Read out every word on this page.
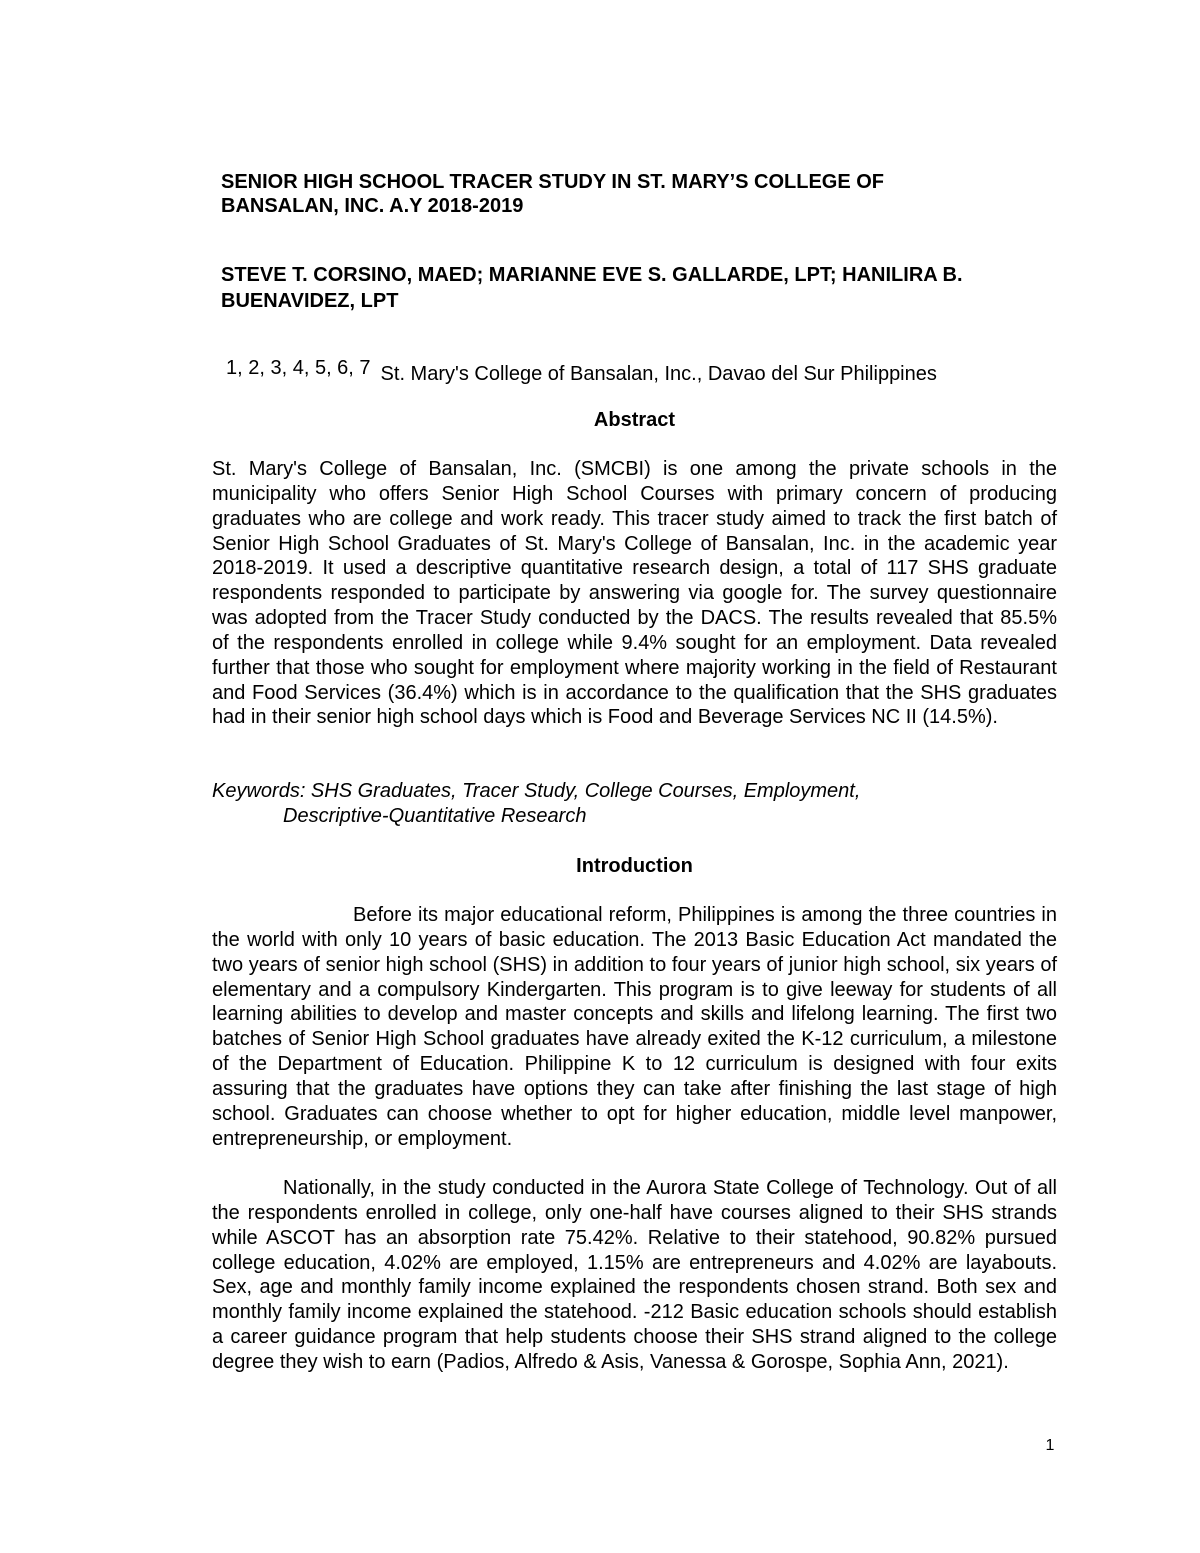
SENIOR HIGH SCHOOL TRACER STUDY IN ST. MARY’S COLLEGE OF BANSALAN, INC. A.Y 2018-2019

STEVE T. CORSINO, MAED; MARIANNE EVE S. GALLARDE, LPT; HANILIRA B. BUENAVIDEZ, LPT

1, 2, 3, 4, 5, 6, 7 St. Mary's College of Bansalan, Inc., Davao del Sur Philippines

Abstract

St. Mary's College of Bansalan, Inc. (SMCBI) is one among the private schools in the municipality who offers Senior High School Courses with primary concern of producing graduates who are college and work ready. This tracer study aimed to track the first batch of Senior High School Graduates of St. Mary's College of Bansalan, Inc. in the academic year 2018-2019. It used a descriptive quantitative research design, a total of 117 SHS graduate respondents responded to participate by answering via google for. The survey questionnaire was adopted from the Tracer Study conducted by the DACS. The results revealed that 85.5% of the respondents enrolled in college while 9.4% sought for an employment. Data revealed further that those who sought for employment where majority working in the field of Restaurant and Food Services (36.4%) which is in accordance to the qualification that the SHS graduates had in their senior high school days which is Food and Beverage Services NC II (14.5%).

Keywords: SHS Graduates, Tracer Study, College Courses, Employment,
Descriptive-Quantitative Research

Introduction

Before its major educational reform, Philippines is among the three countries in the world with only 10 years of basic education. The 2013 Basic Education Act mandated the two years of senior high school (SHS) in addition to four years of junior high school, six years of elementary and a compulsory Kindergarten. This program is to give leeway for students of all learning abilities to develop and master concepts and skills and lifelong learning. The first two batches of Senior High School graduates have already exited the K-12 curriculum, a milestone of the Department of Education. Philippine K to 12 curriculum is designed with four exits assuring that the graduates have options they can take after finishing the last stage of high school. Graduates can choose whether to opt for higher education, middle level manpower, entrepreneurship, or employment.

Nationally, in the study conducted in the Aurora State College of Technology. Out of all the respondents enrolled in college, only one-half have courses aligned to their SHS strands while ASCOT has an absorption rate 75.42%. Relative to their statehood, 90.82% pursued college education, 4.02% are employed, 1.15% are entrepreneurs and 4.02% are layabouts. Sex, age and monthly family income explained the respondents chosen strand. Both sex and monthly family income explained the statehood. -212 Basic education schools should establish a career guidance program that help students choose their SHS strand aligned to the college degree they wish to earn (Padios, Alfredo & Asis, Vanessa & Gorospe, Sophia Ann, 2021).

1
